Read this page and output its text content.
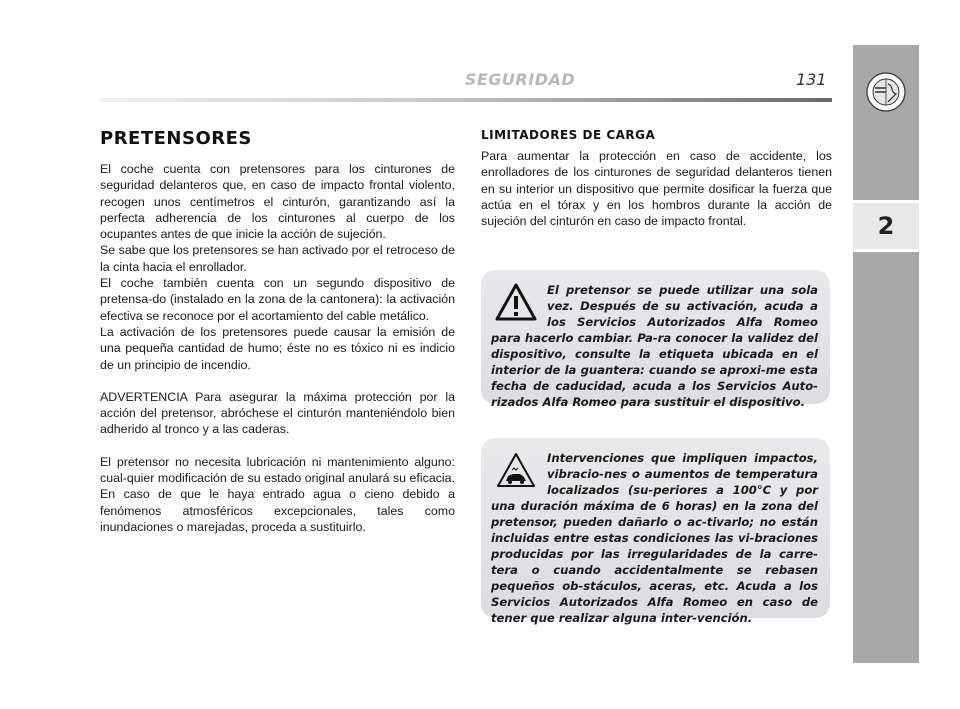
SEGURIDAD	131
2
PRETENSORES

El coche cuenta con pretensores para los cinturones de seguridad delanteros que, en caso de impacto frontal violento, recogen unos centímetros el cinturón, garantizando así la perfecta adherencia de los cinturones al cuerpo de los ocupantes antes de que inicie la acción de sujeción.

Se sabe que los pretensores se han activado por el retroceso de la cinta hacia el enrollador.

El coche también cuenta con un segundo dispositivo de pretensa-do (instalado en la zona de la cantonera): la activación efectiva se reconoce por el acortamiento del cable metálico.

La activación de los pretensores puede causar la emisión de una pequeña cantidad de humo; éste no es tóxico ni es indicio de un principio de incendio.

ADVERTENCIA Para asegurar la máxima protección por la acción del pretensor, abróchese el cinturón manteniéndolo bien adherido al tronco y a las caderas.

El pretensor no necesita lubricación ni mantenimiento alguno: cual-quier modificación de su estado original anulará su eficacia. En caso de que le haya entrado agua o cieno debido a fenómenos atmosféricos excepcionales, tales como inundaciones o marejadas, proceda a sustituirlo.

LIMITADORES DE CARGA

Para aumentar la protección en caso de accidente, los enrolladores de los cinturones de seguridad delanteros tienen en su interior un dispositivo que permite dosificar la fuerza que actúa en el tórax y en los hombros durante la acción de sujeción del cinturón en caso de impacto frontal.

El pretensor se puede utilizar una sola vez. Después de su activación, acuda a los Servicios Autorizados Alfa Romeo para hacerlo cambiar. Pa-ra conocer la validez del dispositivo, consulte la etiqueta ubicada en el interior de la guantera: cuando se aproxi-me esta fecha de caducidad, acuda a los Servicios Auto-rizados Alfa Romeo para sustituir el dispositivo.
Intervenciones que impliquen impactos, vibracio-nes o aumentos de temperatura localizados (su-periores a 100°C y por una duración máxima de 6 horas) en la zona del pretensor, pueden dañarlo o ac-tivarlo; no están incluidas entre estas condiciones las vi-braciones producidas por las irregularidades de la carre-tera o cuando accidentalmente se rebasen pequeños ob-stáculos, aceras, etc. Acuda a los Servicios Autorizados Alfa Romeo en caso de tener que realizar alguna inter-vención.
